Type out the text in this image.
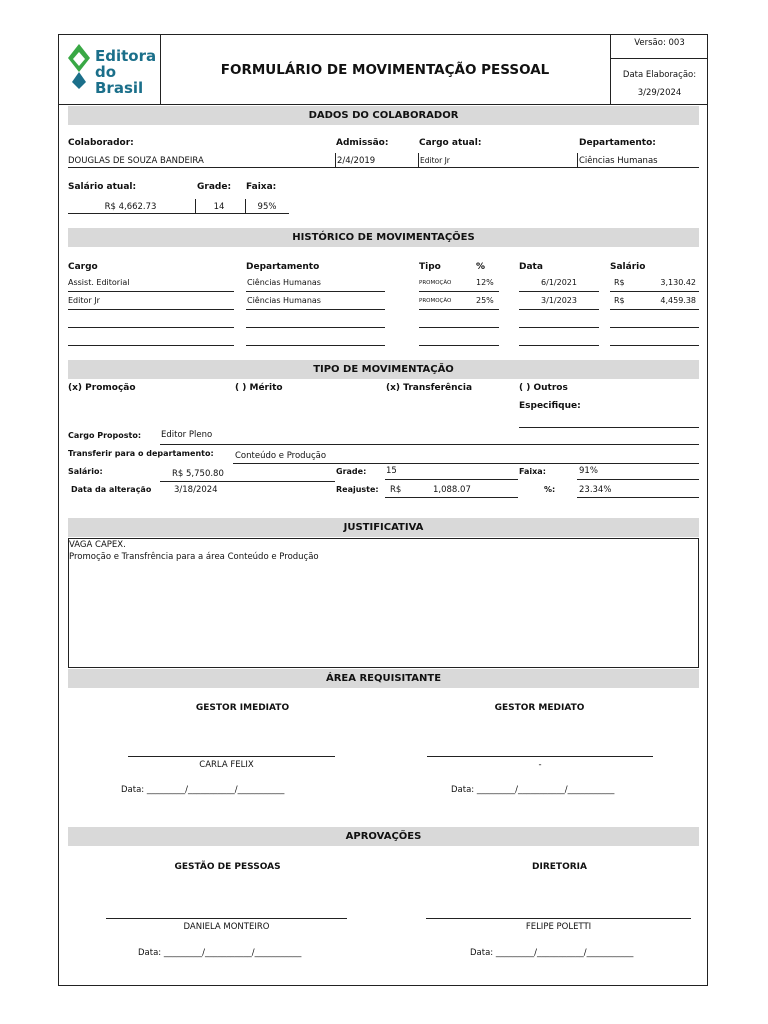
Editora
do Brasil
FORMULÁRIO DE MOVIMENTAÇÃO PESSOAL
Versão: 003
Data Elaboração:
3/29/2024
DADOS DO COLABORADOR
Colaborador:	Admissão:	Cargo atual:	Departamento:
DOUGLAS DE SOUZA BANDEIRA	2/4/2019	Editor Jr	Ciências Humanas
Salário atual:	Grade: Faixa:
R$ 4,662.73	14	95%
HISTÓRICO DE MOVIMENTAÇÕES
Cargo	Departamento	Tipo	%	Data	Salário
Assist. Editorial	Ciências Humanas	PROMOÇÃO	12%	6/1/2021	R$	3,130.42
Editor Jr	Ciências Humanas	PROMOÇÃO	25%	3/1/2023	R$	4,459.38
TIPO DE MOVIMENTAÇÃO
(x) Promoção	( ) Mérito	(x) Transferência	( ) Outros
Especifique:
Cargo Proposto: Editor Pleno
Transferir para o departamento:	Conteúdo e Produção
Salário:	R$ 5,750.80	Grade: 15	Faixa:	91%
Data da alteração	3/18/2024	Reajuste: R$	1,088.07	%:	23.34%
JUSTIFICATIVA
VAGA CAPEX.
Promoção e Transfrência para a área Conteúdo e Produção
ÁREA REQUISITANTE
GESTOR IMEDIATO	GESTOR MEDIATO
CARLA FELIX	-
Data: _________/___________/___________	Data: _________/___________/___________
APROVAÇÕES
GESTÃO DE PESSOAS	DIRETORIA
DANIELA MONTEIRO	FELIPE POLETTI
Data: _________/___________/___________	Data: _________/___________/___________
